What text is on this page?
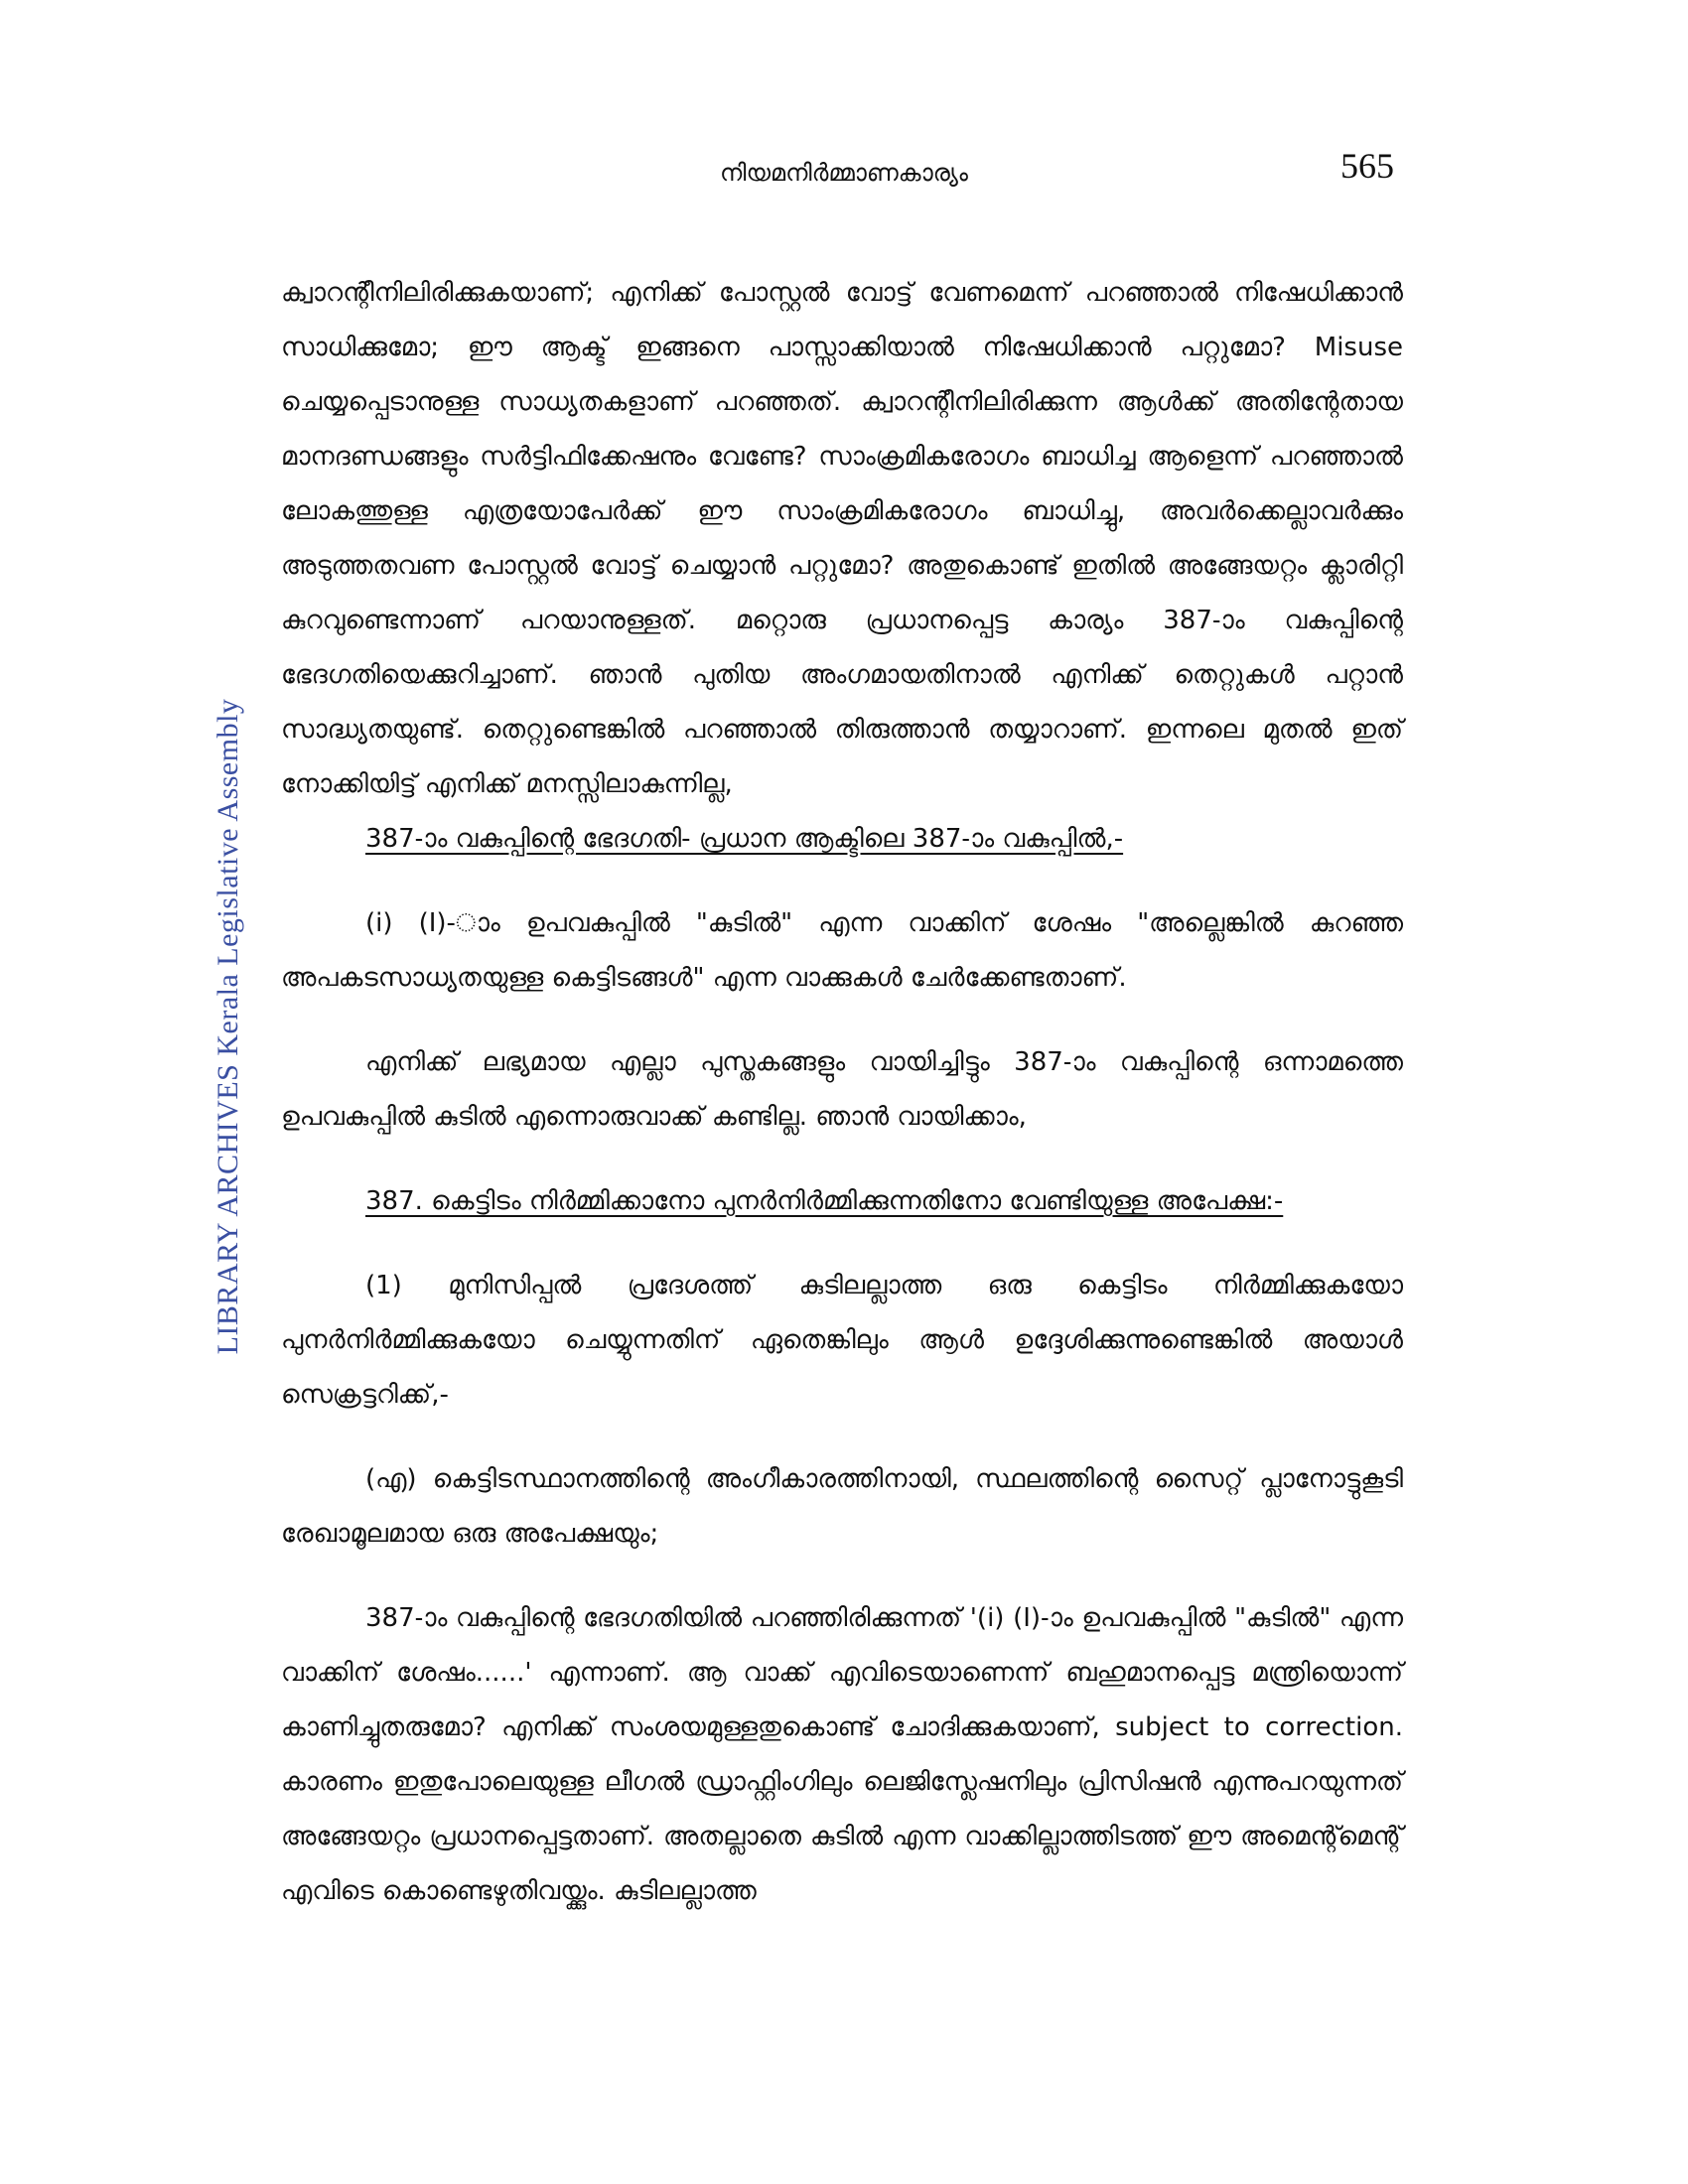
നിയമനിർമ്മാണകാര്യം	565
LIBRARY ARCHIVES Kerala Legislative Assembly

ക്വാറന്റീനിലിരിക്കുകയാണ്; എനിക്ക് പോസ്റ്റൽ വോട്ട് വേണമെന്ന് പറഞ്ഞാൽ നിഷേധിക്കാൻ സാധിക്കുമോ; ഈ ആക്ട് ഇങ്ങനെ പാസ്സാക്കിയാൽ നിഷേധിക്കാൻ പറ്റുമോ? Misuse ചെയ്യപ്പെടാനുള്ള സാധ്യതകളാണ് പറഞ്ഞത്. ക്വാറന്റീനിലിരിക്കുന്ന ആൾക്ക് അതിന്റേതായ മാനദണ്ഡങ്ങളും സർട്ടിഫിക്കേഷനും വേണ്ടേ? സാംക്രമികരോഗം ബാധിച്ച ആളെന്ന് പറഞ്ഞാൽ ലോകത്തുള്ള എത്രയോപേർക്ക് ഈ സാംക്രമികരോഗം ബാധിച്ചു, അവർക്കെല്ലാവർക്കും അടുത്തതവണ പോസ്റ്റൽ വോട്ട് ചെയ്യാൻ പറ്റുമോ? അതുകൊണ്ട് ഇതിൽ അങ്ങേയറ്റം ക്ലാരിറ്റി കുറവുണ്ടെന്നാണ് പറയാനുള്ളത്. മറ്റൊരു പ്രധാനപ്പെട്ട കാര്യം 387-ാം വകുപ്പിന്റെ ഭേദഗതിയെക്കുറിച്ചാണ്. ഞാൻ പുതിയ അംഗമായതിനാൽ എനിക്ക് തെറ്റുകൾ പറ്റാൻ സാദ്ധ്യതയുണ്ട്. തെറ്റുണ്ടെങ്കിൽ പറഞ്ഞാൽ തിരുത്താൻ തയ്യാറാണ്. ഇന്നലെ മുതൽ ഇത് നോക്കിയിട്ട് എനിക്ക് മനസ്സിലാകുന്നില്ല,

387-ാം വകുപ്പിന്റെ ഭേദഗതി- പ്രധാന ആക്ടിലെ 387-ാം വകുപ്പിൽ,-

(i) (I)-ാം ഉപവകുപ്പിൽ "കുടിൽ" എന്ന വാക്കിന് ശേഷം "അല്ലെങ്കിൽ കുറഞ്ഞ അപകടസാധ്യതയുള്ള കെട്ടിടങ്ങൾ" എന്ന വാക്കുകൾ ചേർക്കേണ്ടതാണ്.

എനിക്ക് ലഭ്യമായ എല്ലാ പുസ്തകങ്ങളും വായിച്ചിട്ടും 387-ാം വകുപ്പിന്റെ ഒന്നാമത്തെ ഉപവകുപ്പിൽ കുടിൽ എന്നൊരുവാക്ക് കണ്ടില്ല. ഞാൻ വായിക്കാം,

387. കെട്ടിടം നിർമ്മിക്കാനോ പുനർനിർമ്മിക്കുന്നതിനോ വേണ്ടിയുള്ള അപേക്ഷ:-

(1) മുനിസിപ്പൽ പ്രദേശത്ത് കുടിലല്ലാത്ത ഒരു കെട്ടിടം നിർമ്മിക്കുകയോ പുനർനിർമ്മിക്കുകയോ ചെയ്യുന്നതിന് ഏതെങ്കിലും ആൾ ഉദ്ദേശിക്കുന്നുണ്ടെങ്കിൽ അയാൾ സെക്രട്ടറിക്ക്,-

(എ) കെട്ടിടസ്ഥാനത്തിന്റെ അംഗീകാരത്തിനായി, സ്ഥലത്തിന്റെ സൈറ്റ് പ്ലാനോട്ടുകൂടി രേഖാമൂലമായ ഒരു അപേക്ഷയും;

387-ാം വകുപ്പിന്റെ ഭേദഗതിയിൽ പറഞ്ഞിരിക്കുന്നത് '(i) (I)-ാം ഉപവകുപ്പിൽ "കുടിൽ" എന്ന വാക്കിന് ശേഷം......' എന്നാണ്. ആ വാക്ക് എവിടെയാണെന്ന് ബഹുമാനപ്പെട്ട മന്ത്രിയൊന്ന് കാണിച്ചുതരുമോ? എനിക്ക് സംശയമുള്ളതുകൊണ്ട് ചോദിക്കുകയാണ്, subject to correction. കാരണം ഇതുപോലെയുള്ള ലീഗൽ ഡ്രാഫ്റ്റിംഗിലും ലെജിസ്ലേഷനിലും പ്രിസിഷൻ എന്നുപറയുന്നത് അങ്ങേയറ്റം പ്രധാനപ്പെട്ടതാണ്. അതല്ലാതെ കുടിൽ എന്ന വാക്കില്ലാത്തിടത്ത് ഈ അമെന്റ്മെന്റ് എവിടെ കൊണ്ടെഴുതിവയ്ക്കും. കുടിലല്ലാത്ത
